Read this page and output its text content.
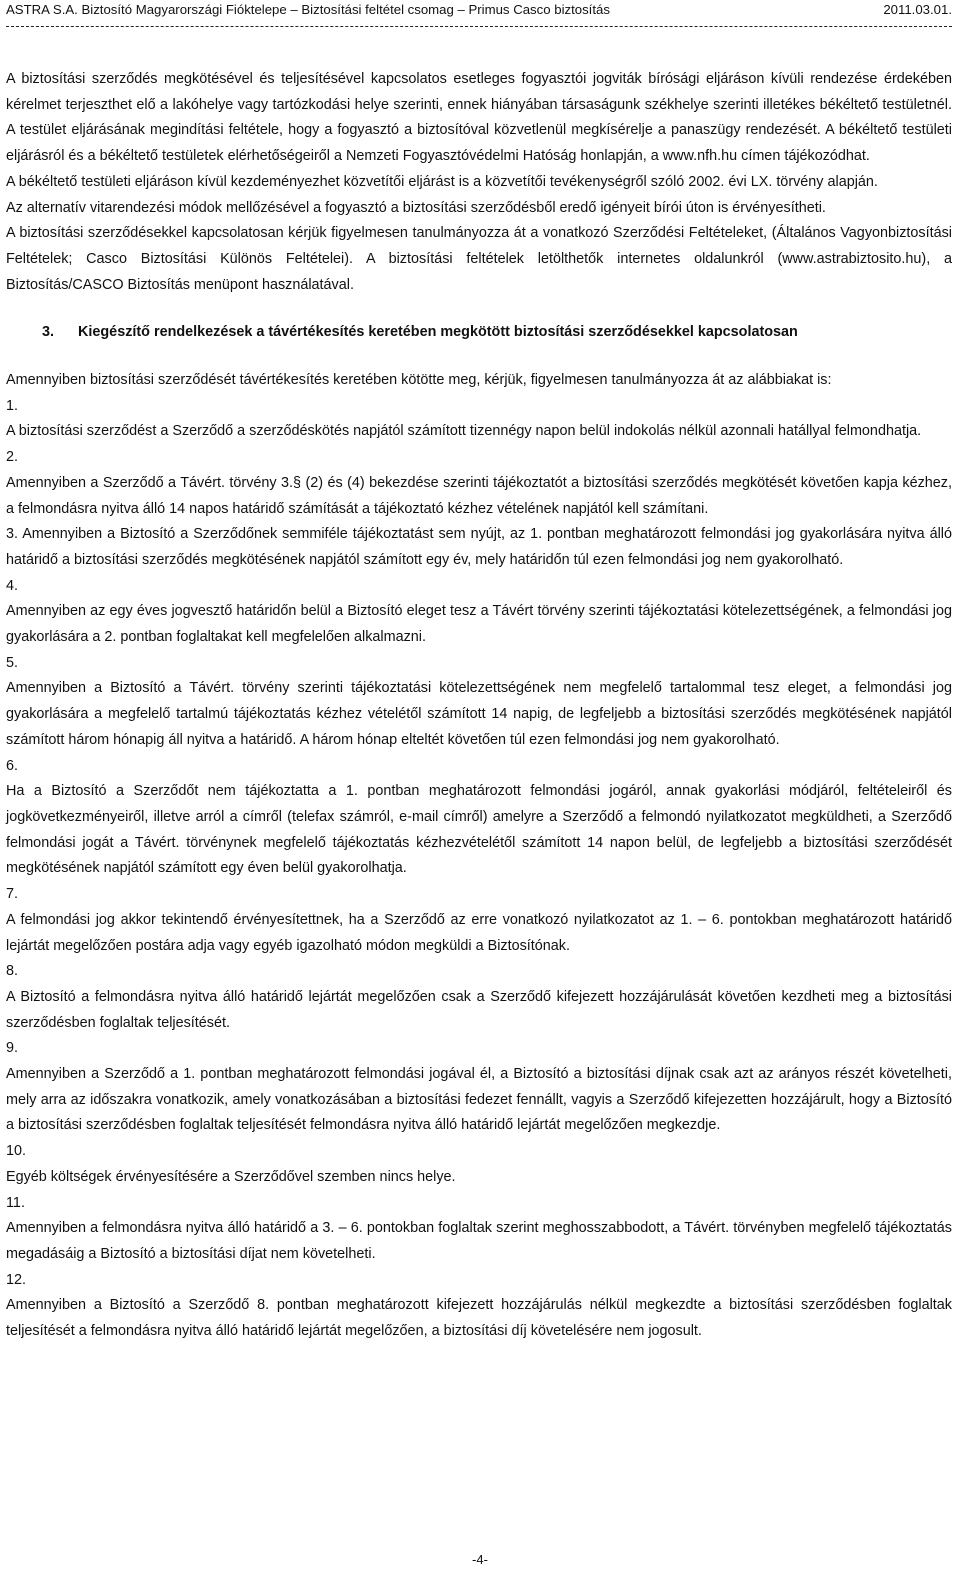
ASTRA S.A. Biztosító Magyarországi Fióktelepe – Biztosítási feltétel csomag – Primus Casco biztosítás	2011.03.01.

A biztosítási szerződés megkötésével és teljesítésével kapcsolatos esetleges fogyasztói jogviták bírósági eljáráson kívüli rendezése érdekében kérelmet terjeszthet elő a lakóhelye vagy tartózkodási helye szerinti, ennek hiányában társaságunk székhelye szerinti illetékes békéltető testületnél. A testület eljárásának megindítási feltétele, hogy a fogyasztó a biztosítóval közvetlenül megkísérelje a panaszügy rendezését. A békéltető testületi eljárásról és a békéltető testületek elérhetőségeiről a Nemzeti Fogyasztóvédelmi Hatóság honlapján, a www.nfh.hu címen tájékozódhat.

A békéltető testületi eljáráson kívül kezdeményezhet közvetítői eljárást is a közvetítői tevékenységről szóló 2002. évi LX. törvény alapján.

Az alternatív vitarendezési módok mellőzésével a fogyasztó a biztosítási szerződésből eredő igényeit bírói úton is érvényesítheti.

A biztosítási szerződésekkel kapcsolatosan kérjük figyelmesen tanulmányozza át a vonatkozó Szerződési Feltételeket, (Általános Vagyonbiztosítási Feltételek; Casco Biztosítási Különös Feltételei). A biztosítási feltételek letölthetők internetes oldalunkról (www.astrabiztosito.hu), a Biztosítás/CASCO Biztosítás menüpont használatával.

3. Kiegészítő rendelkezések a távértékesítés keretében megkötött biztosítási szerződésekkel kapcsolatosan

Amennyiben biztosítási szerződését távértékesítés keretében kötötte meg, kérjük, figyelmesen tanulmányozza át az alábbiakat is:

1.

A biztosítási szerződést a Szerződő a szerződéskötés napjától számított tizennégy napon belül indokolás nélkül azonnali hatállyal felmondhatja.

2.

Amennyiben a Szerződő a Távért. törvény 3.§ (2) és (4) bekezdése szerinti tájékoztatót a biztosítási szerződés megkötését követően kapja kézhez, a felmondásra nyitva álló 14 napos határidő számítását a tájékoztató kézhez vételének napjától kell számítani.

3. Amennyiben a Biztosító a Szerződőnek semmiféle tájékoztatást sem nyújt, az 1. pontban meghatározott felmondási jog gyakorlására nyitva álló határidő a biztosítási szerződés megkötésének napjától számított egy év, mely határidőn túl ezen felmondási jog nem gyakorolható.

4.

Amennyiben az egy éves jogvesztő határidőn belül a Biztosító eleget tesz a Távért törvény szerinti tájékoztatási kötelezettségének, a felmondási jog gyakorlására a 2. pontban foglaltakat kell megfelelően alkalmazni.

5.

Amennyiben a Biztosító a Távért. törvény szerinti tájékoztatási kötelezettségének nem megfelelő tartalommal tesz eleget, a felmondási jog gyakorlására a megfelelő tartalmú tájékoztatás kézhez vételétől számított 14 napig, de legfeljebb a biztosítási szerződés megkötésének napjától számított három hónapig áll nyitva a határidő. A három hónap elteltét követően túl ezen felmondási jog nem gyakorolható.

6.

Ha a Biztosító a Szerződőt nem tájékoztatta a 1. pontban meghatározott felmondási jogáról, annak gyakorlási módjáról, feltételeiről és jogkövetkezményeiről, illetve arról a címről (telefax számról, e-mail címről) amelyre a Szerződő a felmondó nyilatkozatot megküldheti, a Szerződő felmondási jogát a Távért. törvénynek megfelelő tájékoztatás kézhezvételétől számított 14 napon belül, de legfeljebb a biztosítási szerződését megkötésének napjától számított egy éven belül gyakorolhatja.

7.

A felmondási jog akkor tekintendő érvényesítettnek, ha a Szerződő az erre vonatkozó nyilatkozatot az 1. – 6. pontokban meghatározott határidő lejártát megelőzően postára adja vagy egyéb igazolható módon megküldi a Biztosítónak.

8.

A Biztosító a felmondásra nyitva álló határidő lejártát megelőzően csak a Szerződő kifejezett hozzájárulását követően kezdheti meg a biztosítási szerződésben foglaltak teljesítését.

9.

Amennyiben a Szerződő a 1. pontban meghatározott felmondási jogával él, a Biztosító a biztosítási díjnak csak azt az arányos részét követelheti, mely arra az időszakra vonatkozik, amely vonatkozásában a biztosítási fedezet fennállt, vagyis a Szerződő kifejezetten hozzájárult, hogy a Biztosító a biztosítási szerződésben foglaltak teljesítését felmondásra nyitva álló határidő lejártát megelőzően megkezdje.

10.

Egyéb költségek érvényesítésére a Szerződővel szemben nincs helye.

11.

Amennyiben a felmondásra nyitva álló határidő a 3. – 6. pontokban foglaltak szerint meghosszabbodott, a Távért. törvényben megfelelő tájékoztatás megadásáig a Biztosító a biztosítási díjat nem követelheti.

12.

Amennyiben a Biztosító a Szerződő 8. pontban meghatározott kifejezett hozzájárulás nélkül megkezdte a biztosítási szerződésben foglaltak teljesítését a felmondásra nyitva álló határidő lejártát megelőzően, a biztosítási díj követelésére nem jogosult.

-4-
